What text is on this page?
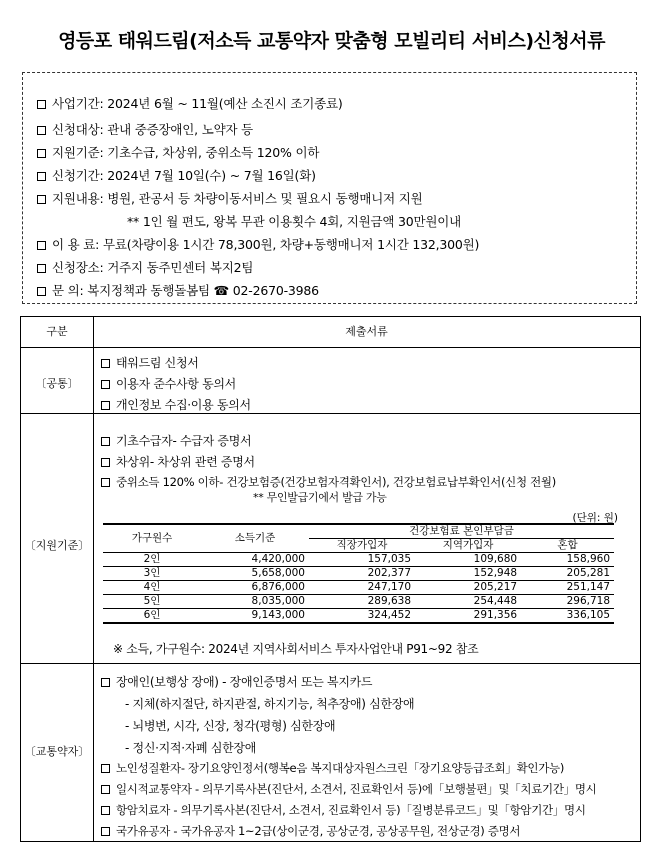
영등포 태워드림(저소득 교통약자 맞춤형 모빌리티 서비스)신청서류
사업기간: 2024년 6월 ~ 11월(예산 소진시 조기종료)
신청대상: 관내 중증장애인, 노약자 등
지원기준: 기초수급, 차상위, 중위소득 120% 이하
신청기간: 2024년 7월 10일(수) ~ 7월 16일(화)
지원내용: 병원, 관공서 등 차량이동서비스 및 필요시 동행매니저 지원
** 1인 월 편도, 왕복 무관 이용횟수 4회, 지원금액 30만원이내
이 용 료: 무료(차량이용 1시간 78,300원, 차량+동행매니저 1시간 132,300원)
신청장소: 거주지 동주민센터 복지2팀
문 의: 복지정책과 동행돌봄팀 ☎ 02-2670-3986
구분	제출서류
〔공통〕
태워드림 신청서
이용자 준수사항 동의서
개인정보 수집·이용 동의서
〔지원기준〕
기초수급자- 수급자 증명서
차상위- 차상위 관련 증명서
중위소득 120% 이하- 건강보험증(건강보험자격확인서), 건강보험료납부확인서(신청 전월)
** 무인발급기에서 발급 가능
(단위: 원)
가구원수	소득기준	건강보험료 본인부담금		
		직장가입자	지역가입자	혼합
2인	4,420,000	157,035	109,680	158,960
3인	5,658,000	202,377	152,948	205,281
4인	6,876,000	247,170	205,217	251,147
5인	8,035,000	289,638	254,448	296,718
6인	9,143,000	324,452	291,356	336,105
※ 소득, 가구원수: 2024년 지역사회서비스 투자사업안내 P91~92 참조
〔교통약자〕
장애인(보행상 장애) - 장애인증명서 또는 복지카드
- 지체(하지절단, 하지관절, 하지기능, 척추장애) 심한장애
- 뇌병변, 시각, 신장, 청각(평형) 심한장애
- 정신·지적·자폐 심한장애
노인성질환자- 장기요양인정서(행복e음 복지대상자원스크린「장기요양등급조회」확인가능)
일시적교통약자 - 의무기록사본(진단서, 소견서, 진료확인서 등)에「보행불편」및「치료기간」명시
항암치료자 - 의무기록사본(진단서, 소견서, 진료확인서 등)「질병분류코드」및「항암기간」명시
국가유공자 - 국가유공자 1~2급(상이군경, 공상군경, 공상공무원, 전상군경) 증명서
